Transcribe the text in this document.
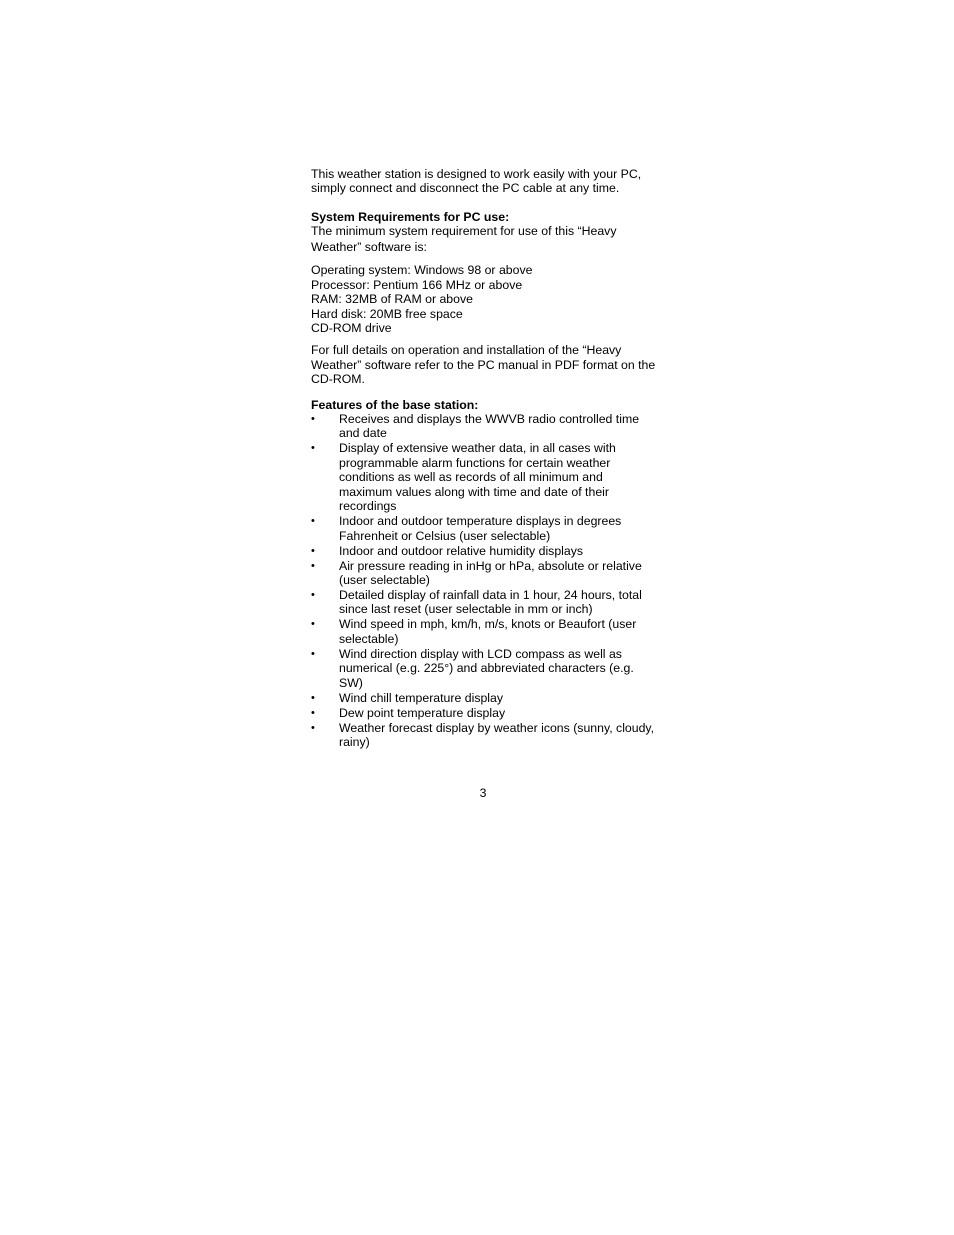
This weather station is designed to work easily with your PC, simply connect and disconnect the PC cable at any time.

System Requirements for PC use:

The minimum system requirement for use of this “Heavy Weather” software is:

Operating system: Windows 98 or above
Processor: Pentium 166 MHz or above
RAM: 32MB of RAM or above
Hard disk: 20MB free space
CD-ROM drive

For full details on operation and installation of the “Heavy Weather” software refer to the PC manual in PDF format on the CD-ROM.

Features of the base station:

• Receives and displays the WWVB radio controlled time and date
• Display of extensive weather data, in all cases with programmable alarm functions for certain weather conditions as well as records of all minimum and maximum values along with time and date of their recordings
• Indoor and outdoor temperature displays in degrees Fahrenheit or Celsius (user selectable)
• Indoor and outdoor relative humidity displays
• Air pressure reading in inHg or hPa, absolute or relative (user selectable)
• Detailed display of rainfall data in 1 hour, 24 hours, total since last reset (user selectable in mm or inch)
• Wind speed in mph, km/h, m/s, knots or Beaufort (user selectable)
• Wind direction display with LCD compass as well as numerical (e.g. 225°) and abbreviated characters (e.g. SW)
• Wind chill temperature display
• Dew point temperature display
• Weather forecast display by weather icons (sunny, cloudy, rainy)
3
